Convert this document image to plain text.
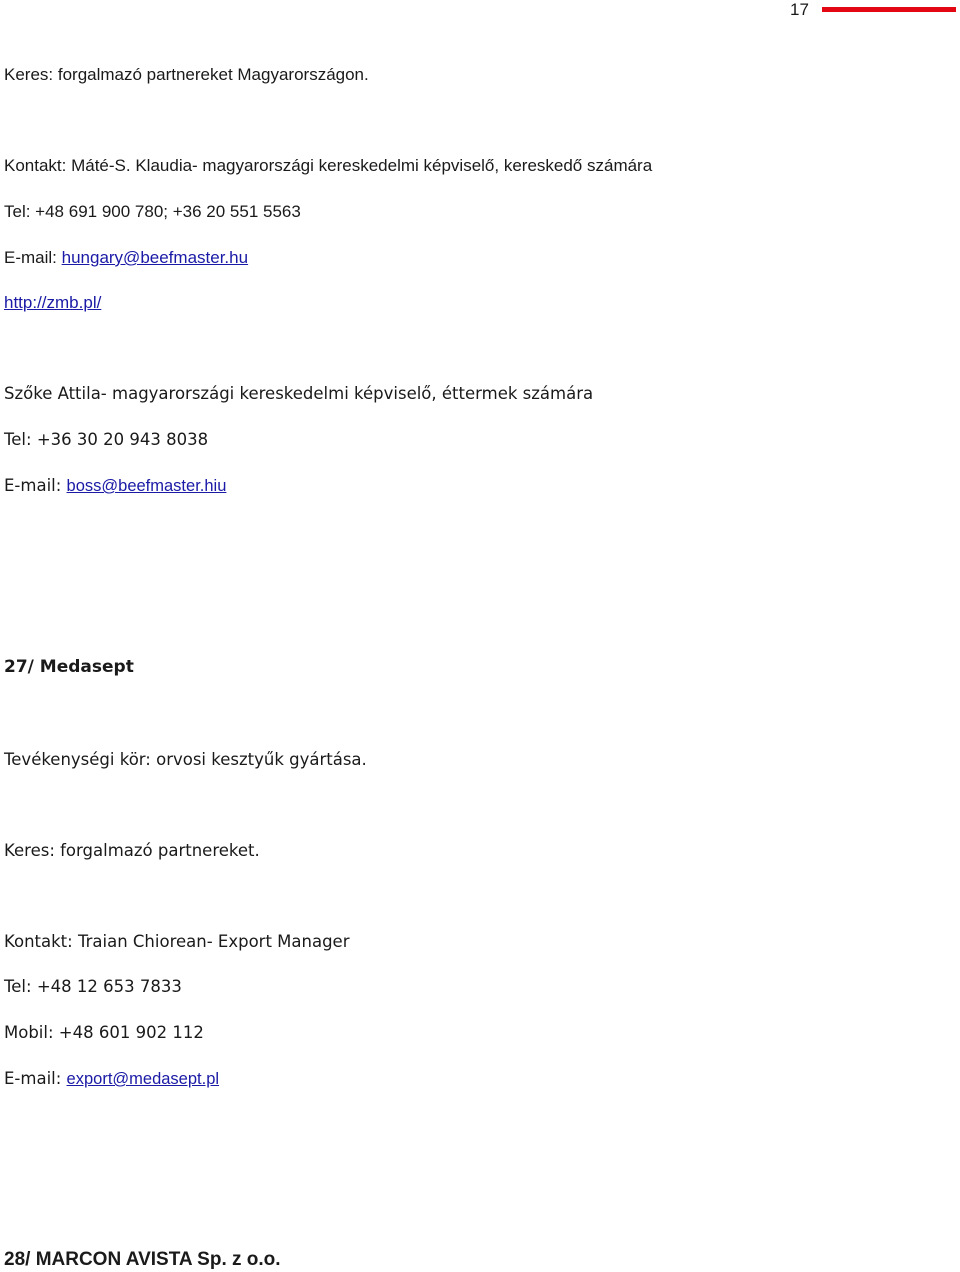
17
Keres: forgalmazó partnereket Magyarországon.
Kontakt: Máté-S. Klaudia- magyarországi kereskedelmi képviselő, kereskedő számára
Tel: +48 691 900 780; +36 20 551 5563
E-mail: hungary@beefmaster.hu
http://zmb.pl/
Szőke Attila- magyarországi kereskedelmi képviselő, éttermek számára
Tel: +36 30 20 943 8038
E-mail: boss@beefmaster.hiu
27/ Medasept
Tevékenységi kör: orvosi kesztyűk gyártása.
Keres: forgalmazó partnereket.
Kontakt: Traian Chiorean- Export Manager
Tel: +48 12 653 7833
Mobil: +48 601 902 112
E-mail: export@medasept.pl
28/ MARCON AVISTA Sp. z o.o.
